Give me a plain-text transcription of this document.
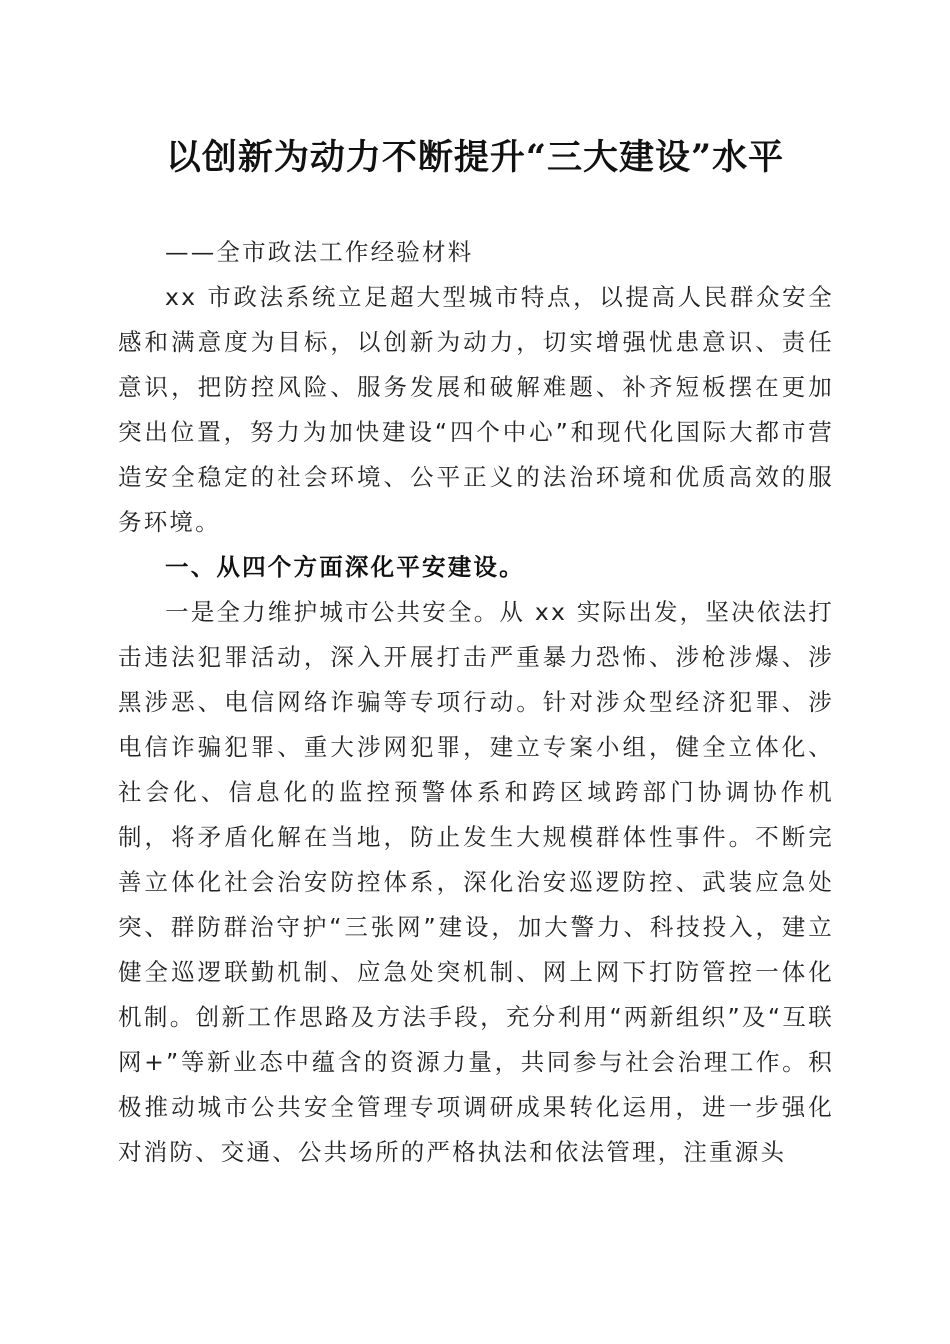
以创新为动力不断提升“三大建设”水平

——全市政法工作经验材料

xx 市政法系统立足超大型城市特点，以提高人民群众安全感和满意度为目标，以创新为动力，切实增强忧患意识、责任意识，把防控风险、服务发展和破解难题、补齐短板摆在更加突出位置，努力为加快建设“四个中心”和现代化国际大都市营造安全稳定的社会环境、公平正义的法治环境和优质高效的服务环境。

一、从四个方面深化平安建设。

一是全力维护城市公共安全。从 xx 实际出发，坚决依法打击违法犯罪活动，深入开展打击严重暴力恐怖、涉枪涉爆、涉黑涉恶、电信网络诈骗等专项行动。针对涉众型经济犯罪、涉电信诈骗犯罪、重大涉网犯罪，建立专案小组，健全立体化、社会化、信息化的监控预警体系和跨区域跨部门协调协作机制，将矛盾化解在当地，防止发生大规模群体性事件。不断完善立体化社会治安防控体系，深化治安巡逻防控、武装应急处突、群防群治守护“三张网”建设，加大警力、科技投入，建立健全巡逻联勤机制、应急处突机制、网上网下打防管控一体化机制。创新工作思路及方法手段，充分利用“两新组织”及“互联网+”等新业态中蕴含的资源力量，共同参与社会治理工作。积极推动城市公共安全管理专项调研成果转化运用，进一步强化对消防、交通、公共场所的严格执法和依法管理，注重源头
